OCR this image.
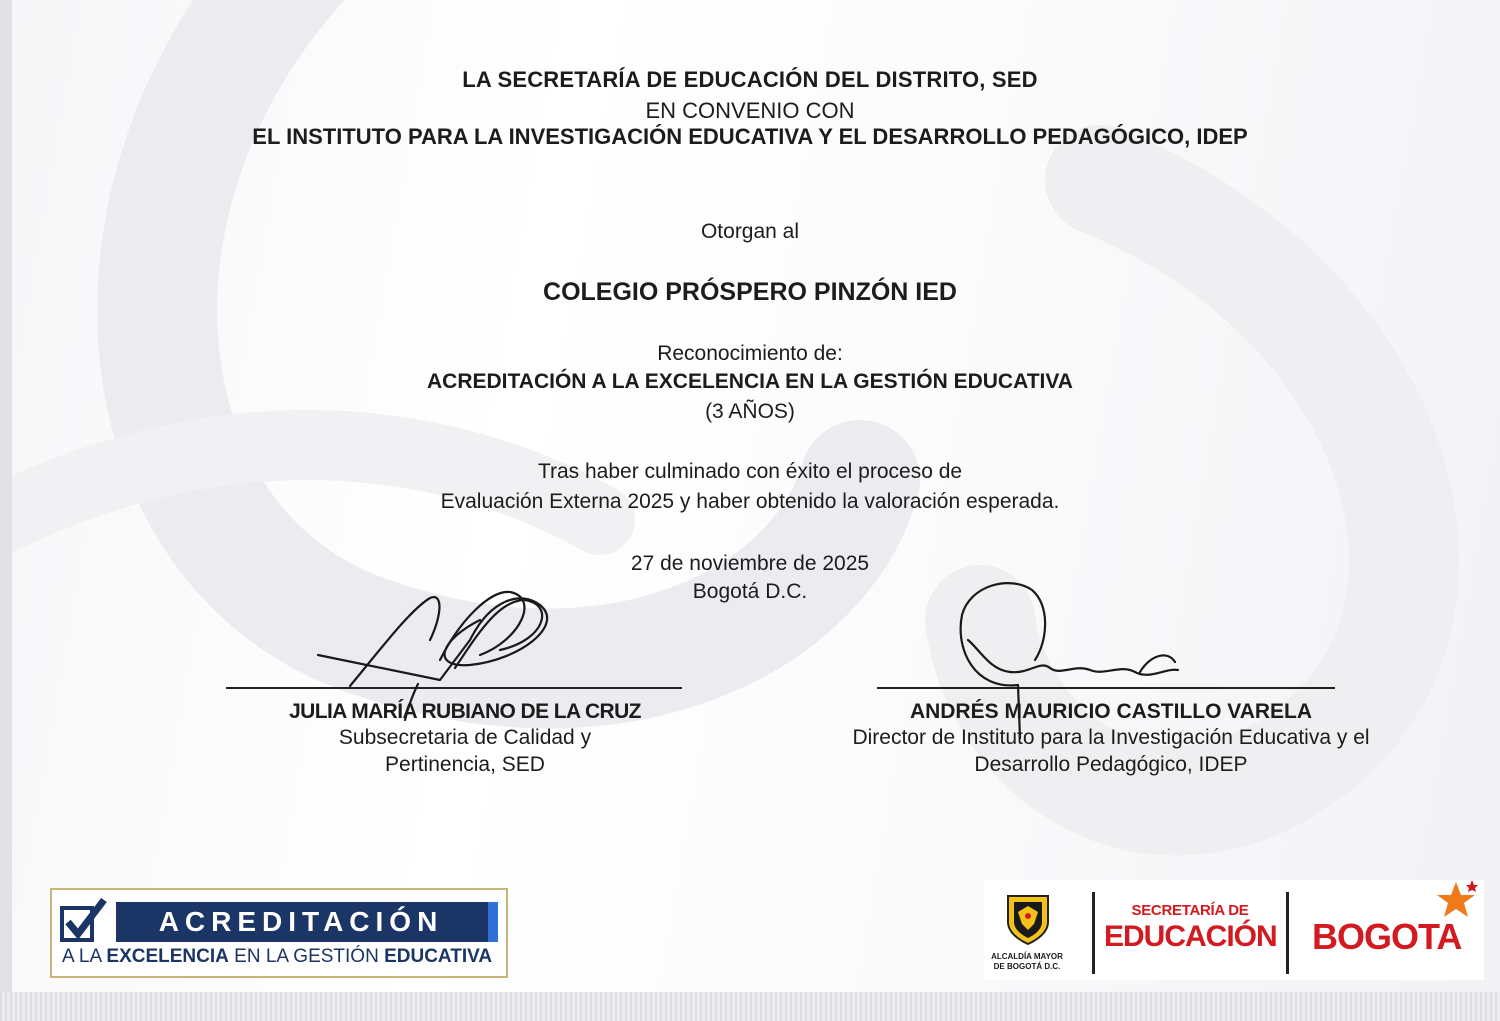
LA SECRETARÍA DE EDUCACIÓN DEL DISTRITO, SED
EN CONVENIO CON
EL INSTITUTO PARA LA INVESTIGACIÓN EDUCATIVA Y EL DESARROLLO PEDAGÓGICO, IDEP
Otorgan al
COLEGIO PRÓSPERO PINZÓN IED
Reconocimiento de:
ACREDITACIÓN A LA EXCELENCIA EN LA GESTIÓN EDUCATIVA
(3 AÑOS)
Tras haber culminado con éxito el proceso de
Evaluación Externa 2025 y haber obtenido la valoración esperada.
27 de noviembre de 2025
Bogotá D.C.
JULIA MARÍA RUBIANO DE LA CRUZ
Subsecretaria de Calidad y
Pertinencia, SED
ANDRÉS MAURICIO CASTILLO VARELA
Director de Instituto para la Investigación Educativa y el
Desarrollo Pedagógico, IDEP
ACREDITACIÓN
A LA EXCELENCIA EN LA GESTIÓN EDUCATIVA	ALCALDÍA MAYOR
DE BOGOTÁ D.C.
SECRETARÍA DE
EDUCACIÓN BOGOTA
